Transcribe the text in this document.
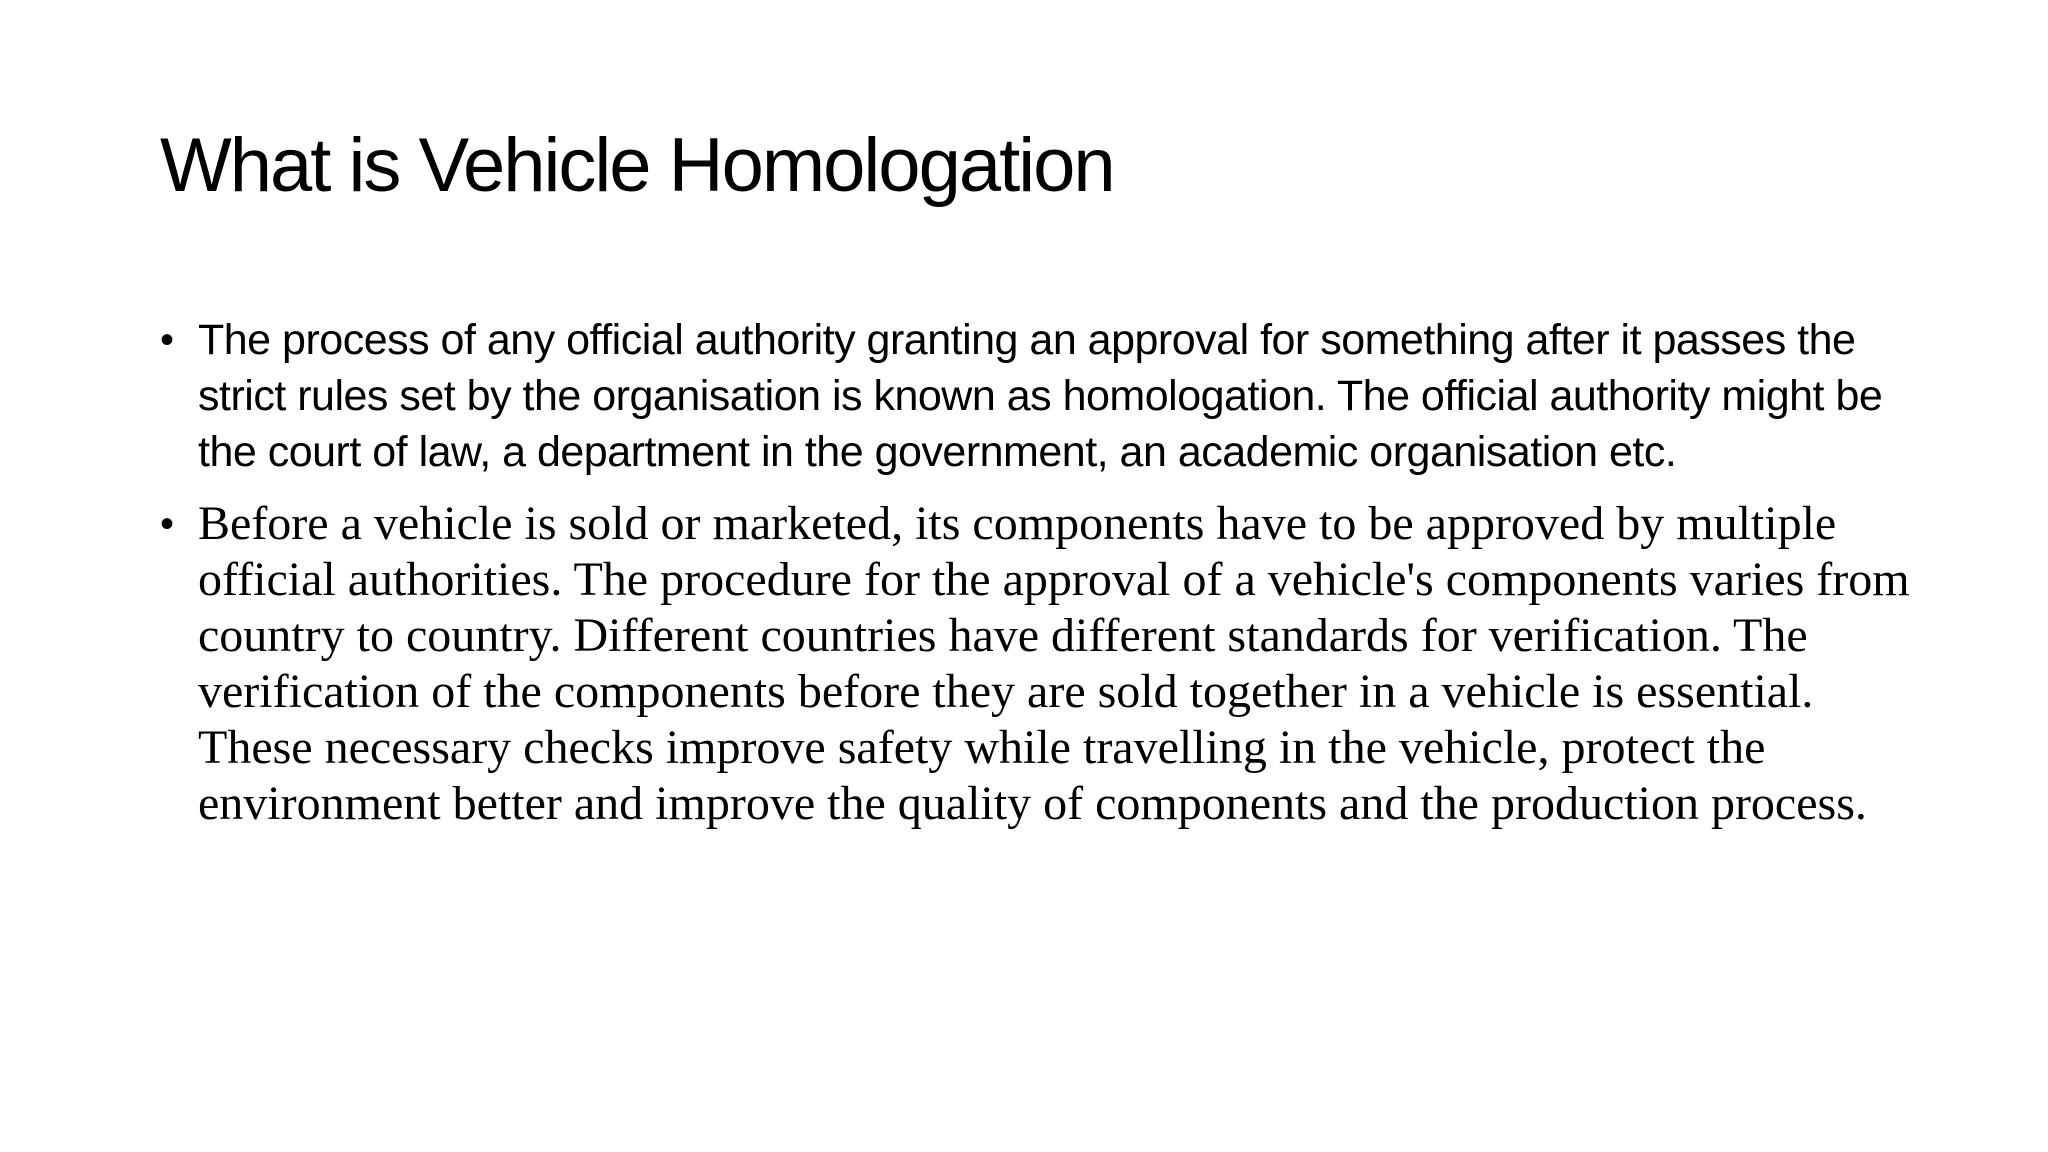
What is Vehicle Homologation
• The process of any official authority granting an approval for something after it passes the strict rules set by the organisation is known as homologation. The official authority might be the court of law, a department in the government, an academic organisation etc.
• Before a vehicle is sold or marketed, its components have to be approved by multiple official authorities. The procedure for the approval of a vehicle's components varies from country to country. Different countries have different standards for verification. The verification of the components before they are sold together in a vehicle is essential. These necessary checks improve safety while travelling in the vehicle, protect the environment better and improve the quality of components and the production process.
